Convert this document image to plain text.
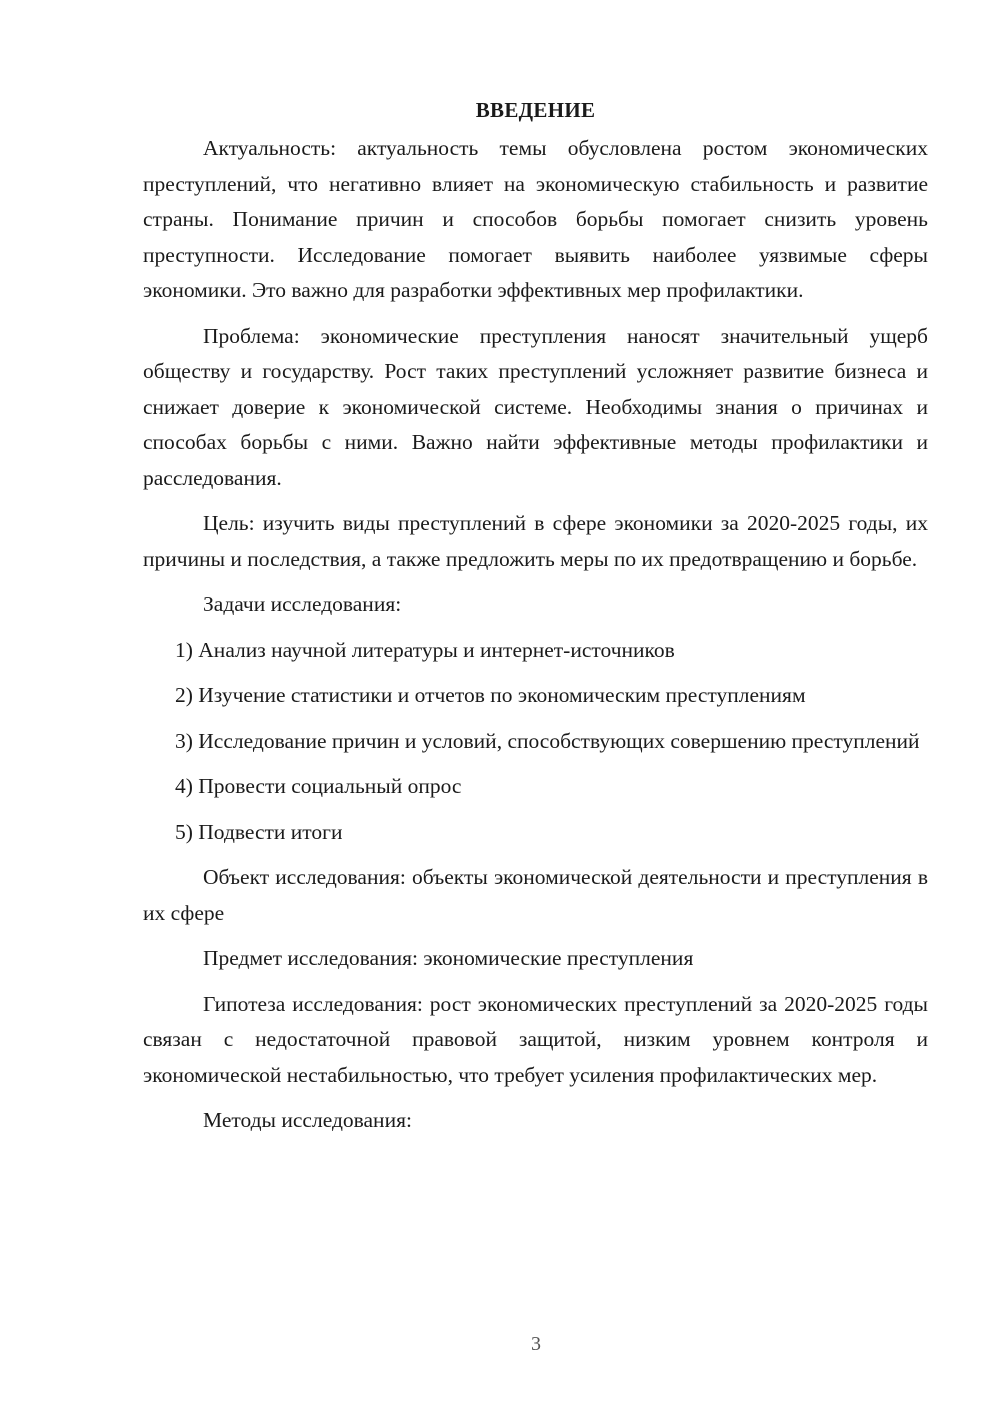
ВВЕДЕНИЕ

Актуальность: актуальность темы обусловлена ростом экономических преступлений, что негативно влияет на экономическую стабильность и развитие страны. Понимание причин и способов борьбы помогает снизить уровень преступности. Исследование помогает выявить наиболее уязвимые сферы экономики. Это важно для разработки эффективных мер профилактики.

Проблема: экономические преступления наносят значительный ущерб обществу и государству. Рост таких преступлений усложняет развитие бизнеса и снижает доверие к экономической системе. Необходимы знания о причинах и способах борьбы с ними. Важно найти эффективные методы профилактики и расследования.

Цель: изучить виды преступлений в сфере экономики за 2020-2025 годы, их причины и последствия, а также предложить меры по их предотвращению и борьбе.

Задачи исследования:

1) Анализ научной литературы и интернет-источников

2) Изучение статистики и отчетов по экономическим преступлениям

3) Исследование причин и условий, способствующих совершению преступлений

4) Провести социальный опрос

5) Подвести итоги

Объект исследования: объекты экономической деятельности и преступления в их сфере

Предмет исследования: экономические преступления

Гипотеза исследования: рост экономических преступлений за 2020-2025 годы связан с недостаточной правовой защитой, низким уровнем контроля и экономической нестабильностью, что требует усиления профилактических мер.

Методы исследования:

3
